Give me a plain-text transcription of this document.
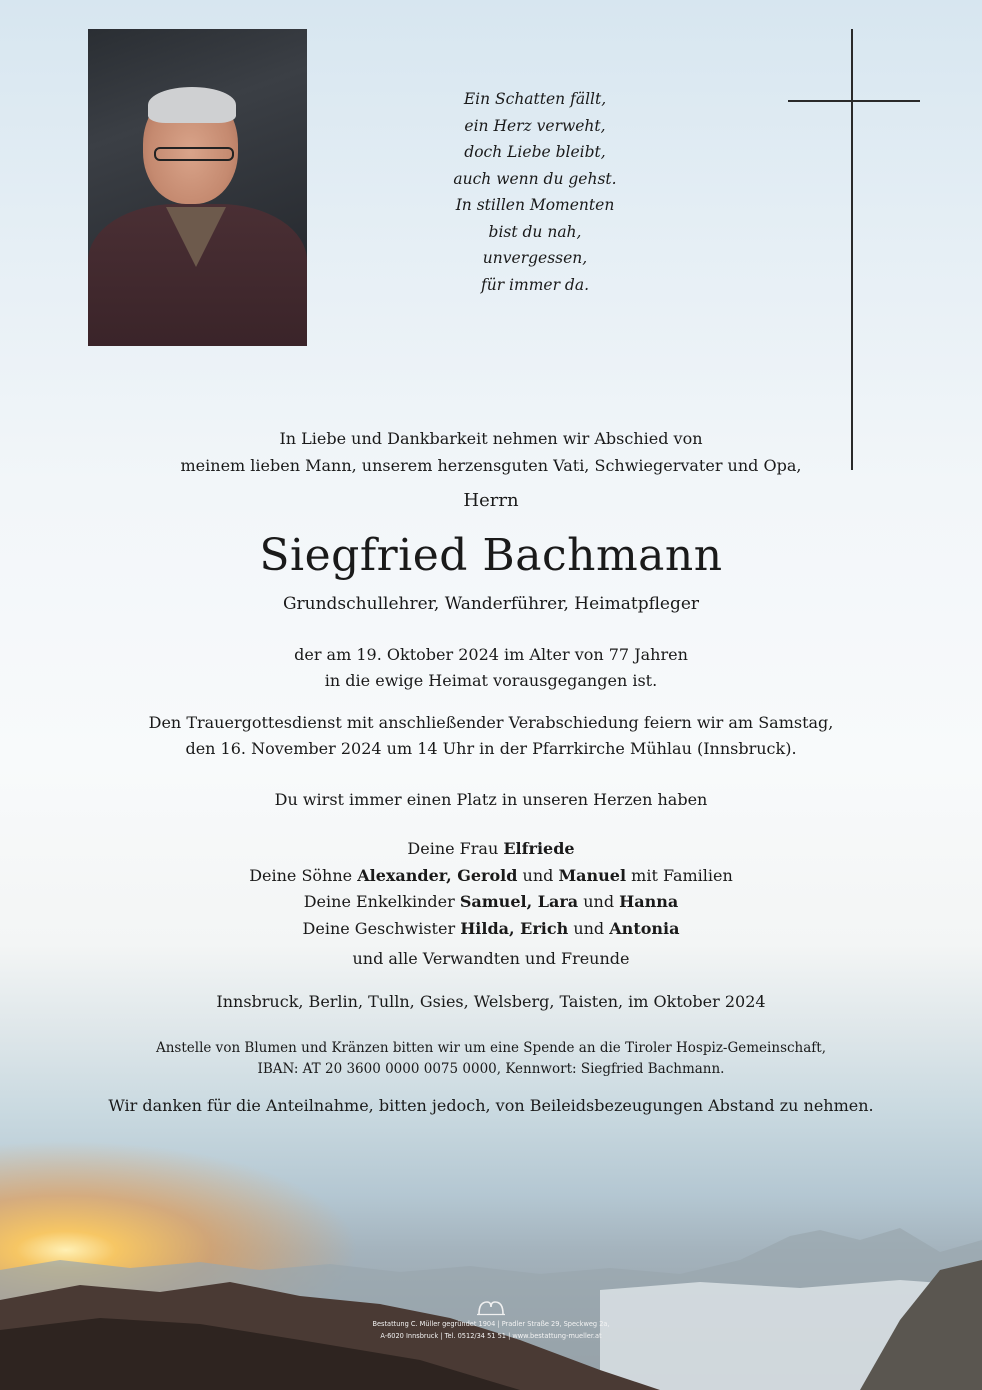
Ein Schatten fällt,
ein Herz verweht,
doch Liebe bleibt,
auch wenn du gehst.
In stillen Momenten
bist du nah,
unvergessen,
für immer da.
In Liebe und Dankbarkeit nehmen wir Abschied von
meinem lieben Mann, unserem herzensguten Vati, Schwiegervater und Opa,
Herrn
Siegfried Bachmann
Grundschullehrer, Wanderführer, Heimatpfleger
der am 19. Oktober 2024 im Alter von 77 Jahren
in die ewige Heimat vorausgegangen ist.
Den Trauergottesdienst mit anschließender Verabschiedung feiern wir am Samstag,
den 16. November 2024 um 14 Uhr in der Pfarrkirche Mühlau (Innsbruck).
Du wirst immer einen Platz in unseren Herzen haben
Deine Frau Elfriede
Deine Söhne Alexander, Gerold und Manuel mit Familien
Deine Enkelkinder Samuel, Lara und Hanna
Deine Geschwister Hilda, Erich und Antonia
und alle Verwandten und Freunde
Innsbruck, Berlin, Tulln, Gsies, Welsberg, Taisten, im Oktober 2024
Anstelle von Blumen und Kränzen bitten wir um eine Spende an die Tiroler Hospiz-Gemeinschaft,
IBAN: AT 20 3600 0000 0075 0000, Kennwort: Siegfried Bachmann.
Wir danken für die Anteilnahme, bitten jedoch, von Beileidsbezeugungen Abstand zu nehmen.
Bestattung C. Müller gegründet 1904 | Pradler Straße 29, Speckweg 2a,
A-6020 Innsbruck | Tel. 0512/34 51 51 | www.bestattung-mueller.at
